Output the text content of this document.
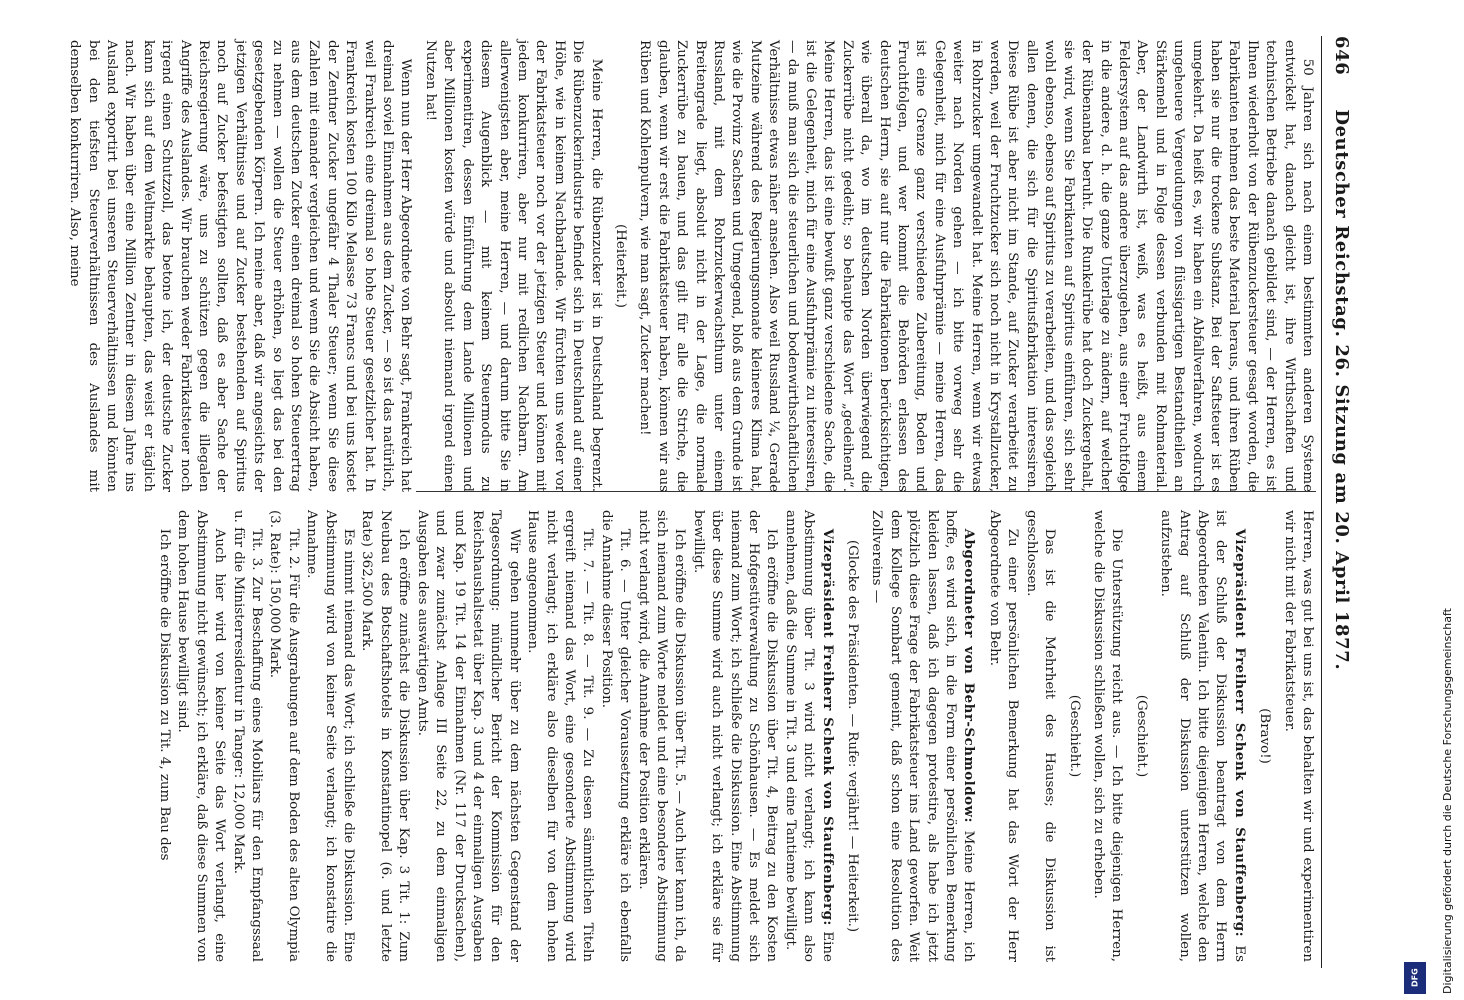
646
Deutscher Reichstag. 26. Sitzung am 20. April 1877.

50 Jahren sich nach einem bestimmten anderen Systeme entwickelt hat, danach gleicht ist, ihre Wirthschaften und technischen Betriebe danach gebildet sind, — der Herren, es ist Ihnen wiederholt von der Rübenzuckersteuer gesagt worden, die Fabrikanten nehmen das beste Material heraus, und ihren Rüben haben sie nur die trockene Substanz. Bei der Saftsteuer ist es umgekehrt. Da heißt es, wir haben ein Abfallverfahren, wodurch ungeheuere Vergeudungen von flüssigartigen Bestandtheilen an Stärkemehl und in Folge dessen verbunden mit Rohmaterial. Aber, der Landwirth ist, weiß, was es heißt, aus einem Feldersystem auf das andere überzugehen, aus einer Fruchtfolge in die andere, d. h. die ganze Unterlage zu ändern, auf welcher der Rübenanbau beruht. Die Runkelrübe hat doch Zuckergehalt, sie wird, wenn Sie Fabrikanten auf Spiritus einführen, sich sehr wohl ebenso, ebenso auf Spiritus zu verarbeiten, und das sogleich allen denen, die sich für die Spiritusfabrikation interessiren. Diese Rübe ist aber nicht im Stande, auf Zucker verarbeitet zu werden, weil der Fruchtzucker sich noch nicht in Krystallzucker, in Rohrzucker umgewandelt hat. Meine Herren, wenn wir etwas weiter nach Norden gehen — ich bitte vorweg sehr die Gelegenheit, mich für eine Ausfuhrprämie — meine Herren, das ist eine Grenze ganz verschiedene Zubereitung, Boden und Fruchtfolgen, und wer kommt die Behörden erlassen des deutschen Herrn, sie auf nur die Fabrikationen berücksichtigen, wie überall da, wo im deutschen Norden überwiegend die Zuckerrübe nicht gedeiht; so behaupte das Wort „gedeihend“. Meine Herren, das ist eine bewußt ganz verschiedene Sache, die ist die Gelegenheit, mich für eine Ausfuhrprämie zu interessiren, — da muß man sich die steuerlichen und bodenwirthschaftlichen Verhältnisse etwas näher ansehen. Also weil Russland ¼, Gerade Mutzeine während des Regierungsmonate kleineres Klima hat, wie die Provinz Sachsen und Umgegend, bloß aus dem Grunde ist Russland, mit dem Rohrzuckerwachsthum unter einem Breitengrade liegt, absolut nicht in der Lage, die normale Zuckerrübe zu bauen, und das gilt für alle die Striche, die glauben, wenn wir erst die Fabrikatsteuer haben, können wir aus Rüben und Kohlenpulvern, wie man sagt, Zucker machen!

(Heiterkeit.)

Meine Herren, die Rübenzucker ist in Deutschland begrenzt. Die Rübenzuckerindustrie befindet sich in Deutschland auf einer Höhe, wie in keinem Nachbarlande. Wir fürchten uns weder vor der Fabrikatsteuer noch vor der jetzigen Steuer und können mit jedem konkurriren, aber nur mit redlichen Nachbarn. Am allerwenigsten aber, meine Herren, — und darum bitte Sie in diesem Augenblick — mit keinem Steuermodus zu experimentiren, dessen Einführung dem Lande Millionen und aber Millionen kosten würde und absolut niemand irgend einen Nutzen hat!

Wenn nun der Herr Abgeordnete von Behr sagt, Frankreich hat dreimal soviel Einnahmen aus dem Zucker, — so ist das natürlich, weil Frankreich eine dreimal so hohe Steuer gesetzlicher hat. In Frankreich kosten 100 Kilo Melasse 73 Francs und bei uns kostet der Zentner Zucker ungefähr 4 Thaler Steuer; wenn Sie diese Zahlen mit einander vergleichen und wenn Sie die Absicht haben, aus dem deutschen Zucker einen dreimal so hohen Steuerertrag zu nehmen — wollen die Steuer erhöhen, so liegt das bei den gesetzgebenden Körpern. Ich meine aber, daß wir angesichts der jetzigen Verhältnisse und auf Zucker bestehenden auf Spiritus noch auf Zucker befestigten sollten, daß es aber Sache der Reichsregierung wäre, uns zu schützen gegen die illegalen Angriffe des Auslandes. Wir brauchen weder Fabrikatsteuer noch irgend einen Schutzzoll, das betone ich, der deutsche Zucker kann sich auf dem Weltmarkte behaupten, das weist er täglich nach. Wir haben über eine Million Zentner in diesem Jahre ins Ausland exportirt bei unseren Steuerverhältnissen und könnten bei den tiefsten Steuerverhältnissen des Auslandes mit demselben konkurriren. Also, meine

Herren, was gut bei uns ist, das behalten wir und experimentiren wir nicht mit der Fabrikatsteuer.

(Bravo!)

Vizepräsident Freiherr Schenk von Stauffenberg: Es ist der Schluß der Diskussion beantragt von dem Herrn Abgeordneten Valentin. Ich bitte diejenigen Herren, welche den Antrag auf Schluß der Diskussion unterstützen wollen, aufzustehen.

(Geschieht.)

Die Unterstützung reicht aus. — Ich bitte diejenigen Herren, welche die Diskussion schließen wollen, sich zu erheben.

(Geschieht.)

Das ist die Mehrheit des Hauses; die Diskussion ist geschlossen.

Zu einer persönlichen Bemerkung hat das Wort der Herr Abgeordnete von Behr.

Abgeordneter von Behr-Schmoldow: Meine Herren, ich hoffe, es wird sich, in die Form einer persönlichen Bemerkung kleiden lassen, daß ich dagegen protestire, als habe ich jetzt plötzlich diese Frage der Fabrikatsteuer ins Land geworfen. Weit dem Kollege Sombart gemeint, daß schon eine Resolution des Zollvereins —

(Glocke des Präsidenten. — Rufe: verjährt! — Heiterkeit.)

Vizepräsident Freiherr Schenk von Stauffenberg: Eine Abstimmung über Tit. 3 wird nicht verlangt; ich kann also annehmen, daß die Summe in Tit. 3 und eine Tantieme bewilligt.

Ich eröffne die Diskussion über Tit. 4, Beitrag zu den Kosten der Hofgestütverwaltung zu Schönhausen. — Es meldet sich niemand zum Wort; ich schließe die Diskussion. Eine Abstimmung über diese Summe wird auch nicht verlangt; ich erkläre sie für bewilligt.

Ich eröffne die Diskussion über Tit. 5. — Auch hier kann ich, da sich niemand zum Worte meldet und eine besondere Abstimmung nicht verlangt wird, die Annahme der Position erklären.

Tit. 6. — Unter gleicher Voraussetzung erkläre ich ebenfalls die Annahme dieser Position.

Tit. 7. — Tit. 8. — Tit. 9. — Zu diesen sämmtlichen Titeln ergreift niemand das Wort, eine gesonderte Abstimmung wird nicht verlangt; ich erkläre also dieselben für von dem hohen Hause angenommen.

Wir gehen nunmehr über zu dem nächsten Gegenstand der Tagesordnung: mündlicher Bericht der Kommission für den Reichshaushaltsetat über Kap. 3 und 4 der einmaligen Ausgaben und Kap. 19 Tit. 14 der Einnahmen (Nr. 117 der Drucksachen), und zwar zunächst Anlage III Seite 22, zu dem einmaligen Ausgaben des auswärtigen Amts.

Ich eröffne zunächst die Diskussion über Kap. 3 Tit. 1: Zum Neubau des Botschaftshotels in Konstantinopel (6. und letzte Rate) 362,500 Mark.

Es nimmt niemand das Wort; ich schließe die Diskussion. Eine Abstimmung wird von keiner Seite verlangt; ich konstatire die Annahme.

Tit. 2. Für die Ausgrabungen auf dem Boden des alten Olympia (3. Rate): 150,000 Mark.

Tit. 3. Zur Beschaffung eines Mobiliars für den Empfangssaal u. für die Ministerresidentur in Tanger: 12,000 Mark.

Auch hier wird von keiner Seite das Wort verlangt, eine Abstimmung nicht gewünscht; ich erkläre, daß diese Summen von dem hohen Hause bewilligt sind.

Ich eröffne die Diskussion zu Tit. 4, zum Bau des	Digitalisierung gefördert durch die Deutsche Forschungsgemeinschaft
DFG
